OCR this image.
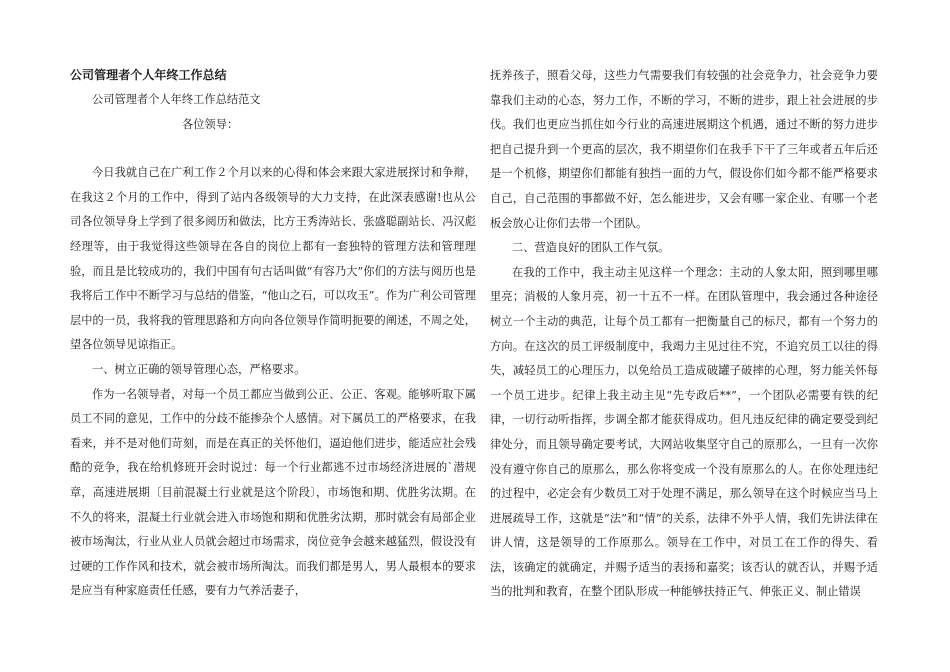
公司管理者个人年终工作总结

公司管理者个人年终工作总结范文

各位领导：

今日我就自己在广利工作２个月以来的心得和体会来跟大家进展探讨和争辩，在我这２个月的工作中，得到了站内各级领导的大力支持，在此深表感谢!也从公司各位领导身上学到了很多阅历和做法，比方王秀涛站长、张盛聪副站长、冯汉彪经理等，由于我觉得这些领导在各自的岗位上都有一套独特的管理方法和管理理验，而且是比较成功的，我们中国有句古话叫做“有容乃大”你们的方法与阅历也是我将后工作中不断学习与总结的借鉴，“他山之石，可以攻玉”。作为广利公司管理层中的一员，我将我的管理思路和方向向各位领导作简明扼要的阐述，不周之处，望各位领导见谅指正。

一、树立正确的领导管理心态，严格要求。

作为一名领导者，对每一个员工都应当做到公正、公正、客观。能够听取下属员工不同的意见，工作中的分歧不能掺杂个人感情。对下属员工的严格要求，在我看来，并不是对他们苛刻，而是在真正的关怀他们，逼迫他们进步，能适应社会残酷的竞争，我在给机修班开会时说过：每一个行业都逃不过市场经济进展的`潜规章，高速进展期〔目前混凝土行业就是这个阶段〕，市场饱和期、优胜劣汰期。在不久的将来，混凝土行业就会进入市场饱和期和优胜劣汰期，那时就会有局部企业被市场淘汰，行业从业人员就会超过市场需求，岗位竞争会越来越猛烈，假设没有过硬的工作作风和技术，就会被市场所淘汰。而我们都是男人，男人最根本的要求是应当有种家庭责任任感，要有力气养活妻子，

抚养孩子，照看父母，这些力气需要我们有较强的社会竞争力，社会竞争力要靠我们主动的心态，努力工作，不断的学习，不断的进步，跟上社会进展的步伐。我们也更应当抓住如今行业的高速进展期这个机遇，通过不断的努力进步把自己提升到一个更高的层次，我不期望你们在我手下干了三年或者五年后还是一个机修，期望你们都能有独挡一面的力气，假设你们如今都不能严格要求自己，自己范围的事都做不好，怎么能进步，又会有哪一家企业、有哪一个老板会放心让你们去带一个团队。

二、营造良好的团队工作气氛。

在我的工作中，我主动主见这样一个理念：主动的人象太阳，照到哪里哪里亮；消极的人象月亮，初一十五不一样。在团队管理中，我会通过各种途径树立一个主动的典范，让每个员工都有一把衡量自己的标尺，都有一个努力的方向。在这次的员工评级制度中，我竭力主见过往不究，不追究员工以往的得失，减轻员工的心理压力，以免给员工造成破罐子破摔的心理，努力能关怀每一个员工进步。纪律上我主动主见“先专政后**”，一个团队必需要有铁的纪律，一切行动听指挥，步调全都才能获得成功。但凡违反纪律的确定要受到纪律处分，而且领导确定要考试，大网站收集坚守自己的原那么，一旦有一次你没有遵守你自己的原那么，那么你将变成一个没有原那么的人。在你处理违纪的过程中，必定会有少数员工对于处理不满足，那么领导在这个时候应当马上进展疏导工作，这就是“法”和“情”的关系，法律不外乎人情，我们先讲法律在讲人情，这是领导的工作原那么。领导在工作中，对员工在工作的得失、看法，该确定的就确定，并赐予适当的表扬和嘉奖；该否认的就否认，并赐予适当的批判和教育，在整个团队形成一种能够扶持正气、伸张正义、制止错误
